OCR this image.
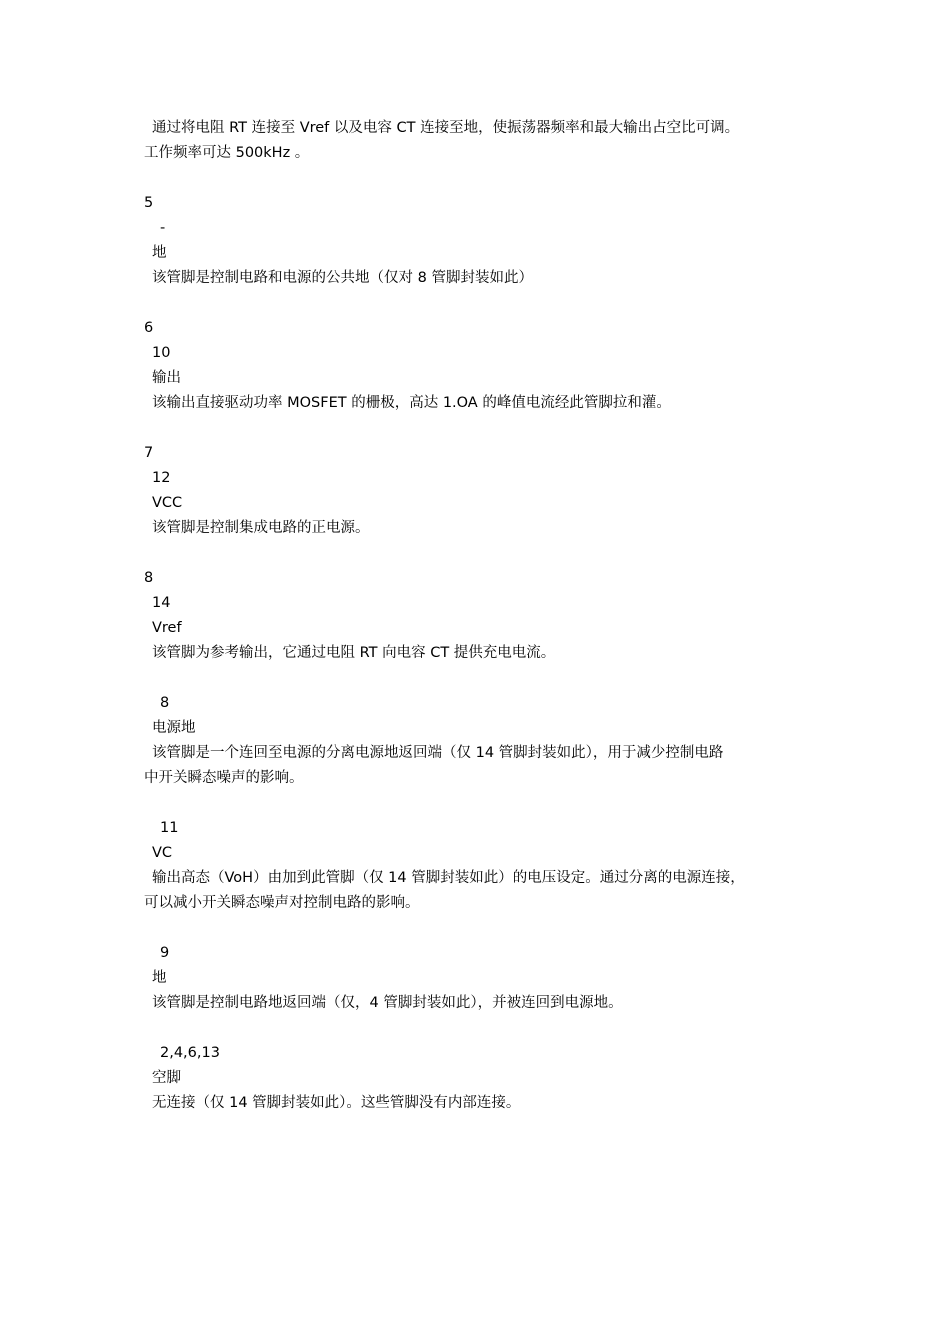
通过将电阻 RT 连接至 Vref 以及电容 CT 连接至地，使振荡器频率和最大输出占空比可调。
工作频率可达 500kHz 。
5
-
地
该管脚是控制电路和电源的公共地（仅对 8 管脚封装如此）
6
10
输出
该输出直接驱动功率 MOSFET 的栅极，高达 1.OA 的峰值电流经此管脚拉和灌。
7
12
VCC
该管脚是控制集成电路的正电源。
8
14
Vref
该管脚为参考输出，它通过电阻 RT 向电容 CT 提供充电电流。
8
电源地
该管脚是一个连回至电源的分离电源地返回端（仅 14 管脚封装如此），用于减少控制电路
中开关瞬态噪声的影响。
11
VC
输出高态（VoH）由加到此管脚（仅 14 管脚封装如此）的电压设定。通过分离的电源连接，
可以减小开关瞬态噪声对控制电路的影响。
9
地
该管脚是控制电路地返回端（仅，4 管脚封装如此），并被连回到电源地。
2,4,6,13
空脚
无连接（仅 14 管脚封装如此）。这些管脚没有内部连接。
